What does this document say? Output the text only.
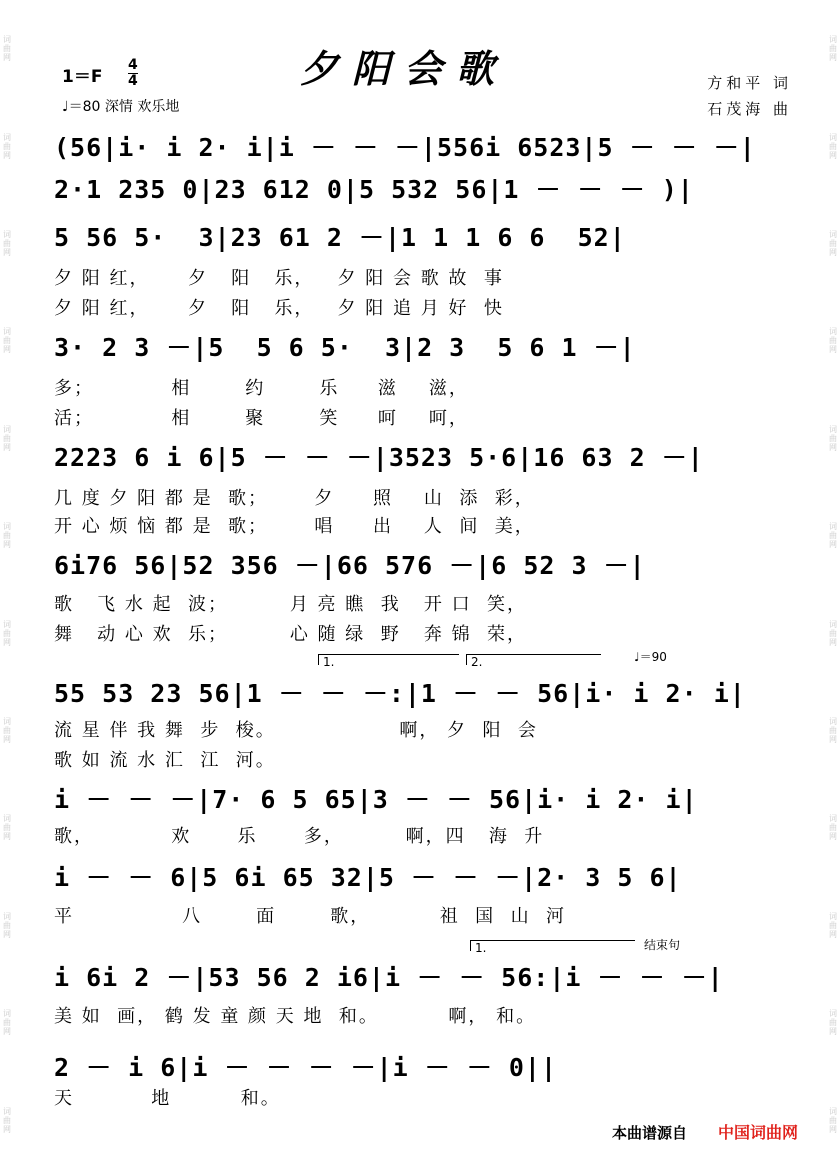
词曲网
词曲网
词曲网
词曲网
词曲网
词曲网
词曲网
词曲网
词曲网
词曲网
词曲网
词曲网
词曲网
词曲网
词曲网
词曲网
词曲网
词曲网
词曲网
词曲网
词曲网
词曲网
词曲网
词曲网
夕阳会歌
1＝F
4
4
♩＝80 深情 欢乐地
方和平 词
石茂海 曲
(56|i· i 2· i|i － － －|556i 6523|5 － － －|
2·1 235 0|23 612 0|5 532 56|1 － － － )|
5 56 5·  3|23 61 2 －|1 1 1 6 6  52|
夕 阳 红，     夕   阳   乐，   夕 阳 会 歌 故  事
夕 阳 红，     夕   阳   乐，   夕 阳 追 月 好  快
3· 2 3 －|5  5 6 5·  3|2 3  5 6 1 －|
多；          相       约       乐     滋    滋，
活；          相       聚       笑     呵    呵，
2223 6 i 6|5 － － －|3523 5·6|16 63 2 －|
几 度 夕 阳 都 是  歌；      夕     照    山  添  彩，
开 心 烦 恼 都 是  歌；      唱     出    人  间  美，
6i76 56|52 356 －|66 576 －|6 52 3 －|
歌   飞 水 起  波；        月 亮 瞧  我   开 口  笑，
舞   动 心 欢  乐；        心 随 绿  野   奔 锦  荣，
1.	2.	♩＝90
55 53 23 56|1 － － －:|1 － － 56|i· i 2· i|
流 星 伴 我 舞  步  梭。                啊， 夕  阳  会
歌 如 流 水 汇  江  河。
i － － －|7· 6 5 65|3 － － 56|i· i 2· i|
歌，          欢      乐      多，        啊，四   海  升
i － － 6|5 6i 65 32|5 － － －|2· 3 5 6|
平              八       面       歌，         祖  国  山  河
1.	结束句
i 6i 2 －|53 56 2 i6|i － － 56:|i － － －|
美 如  画， 鹤 发 童 颜 天 地  和。         啊， 和。
2 － i 6|i － － － －|i － － 0||
天          地         和。
本曲谱源自 中国词曲网
